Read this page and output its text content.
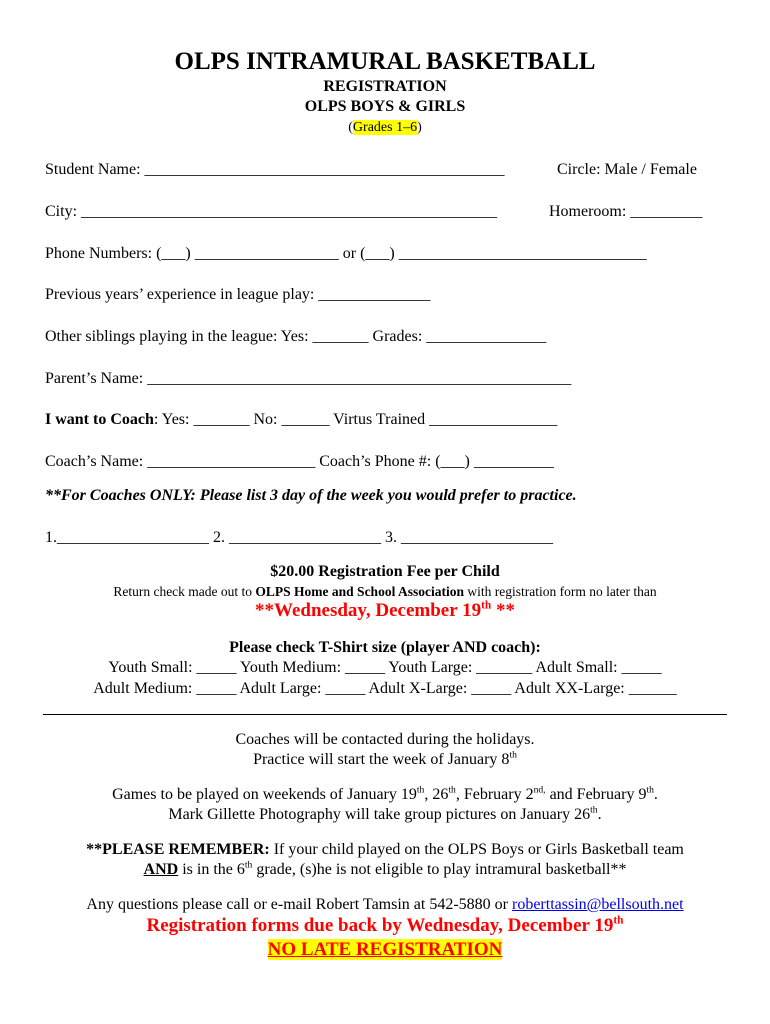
OLPS INTRAMURAL BASKETBALL
REGISTRATION
OLPS BOYS & GIRLS
(Grades 1–6)
Student Name: _____________________________________________	Circle: Male / Female
City: ____________________________________________________	Homeroom: _________
Phone Numbers: (___) __________________ or (___) _______________________________
Previous years’ experience in league play: ______________
Other siblings playing in the league: Yes: _______ Grades: _______________
Parent’s Name: _____________________________________________________
I want to Coach: Yes: _______ No: ______ Virtus Trained ________________
Coach’s Name: _____________________ Coach’s Phone #: (___) __________
**For Coaches ONLY: Please list 3 day of the week you would prefer to practice.
1.___________________ 2. ___________________ 3. ___________________
$20.00 Registration Fee per Child
Return check made out to OLPS Home and School Association with registration form no later than
**Wednesday, December 19th **
Please check T-Shirt size (player AND coach):
Youth Small: _____ Youth Medium: _____ Youth Large: _______ Adult Small: _____
Adult Medium: _____ Adult Large: _____ Adult X-Large: _____ Adult XX-Large: ______
Coaches will be contacted during the holidays.
Practice will start the week of January 8th
Games to be played on weekends of January 19th, 26th, February $2^{nd,}$ and February 9th.
Mark Gillette Photography will take group pictures on January 26th.
**PLEASE REMEMBER: If your child played on the OLPS Boys or Girls Basketball team
AND is in the 6th grade, (s)he is not eligible to play intramural basketball**
Any questions please call or e-mail Robert Tamsin at 542-5880 or roberttassin@bellsouth.net
Registration forms due back by Wednesday, December 19th
NO LATE REGISTRATION
